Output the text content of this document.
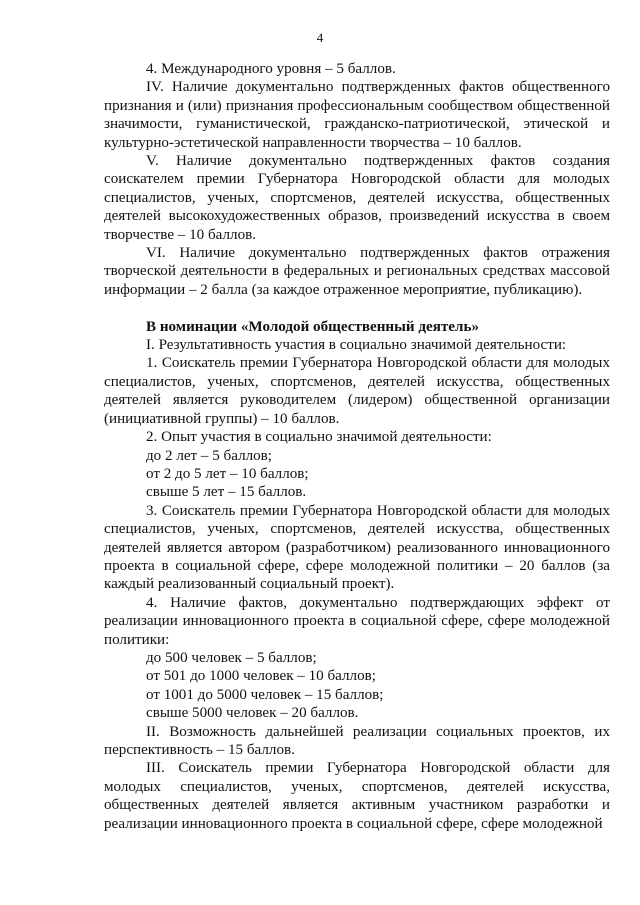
4

4. Международного уровня – 5 баллов.

IV. Наличие документально подтвержденных фактов общественного признания и (или) признания профессиональным сообществом общественной значимости, гуманистической, гражданско-патриотической, этической и культурно-эстетической направленности творчества – 10 баллов.

V. Наличие документально подтвержденных фактов создания соискателем премии Губернатора Новгородской области для молодых специалистов, ученых, спортсменов, деятелей искусства, общественных деятелей высокохудожественных образов, произведений искусства в своем творчестве – 10 баллов.

VI. Наличие документально подтвержденных фактов отражения творческой деятельности в федеральных и региональных средствах массовой информации – 2 балла (за каждое отраженное мероприятие, публикацию).

В номинации «Молодой общественный деятель»

I. Результативность участия в социально значимой деятельности:

1. Соискатель премии Губернатора Новгородской области для молодых специалистов, ученых, спортсменов, деятелей искусства, общественных деятелей является руководителем (лидером) общественной организации (инициативной группы) – 10 баллов.

2. Опыт участия в социально значимой деятельности:

до 2 лет – 5 баллов;

от 2 до 5 лет – 10 баллов;

свыше 5 лет – 15 баллов.

3. Соискатель премии Губернатора Новгородской области для молодых специалистов, ученых, спортсменов, деятелей искусства, общественных деятелей является автором (разработчиком) реализованного инновационного проекта в социальной сфере, сфере молодежной политики – 20 баллов (за каждый реализованный социальный проект).

4. Наличие фактов, документально подтверждающих эффект от реализации инновационного проекта в социальной сфере, сфере молодежной политики:

до 500 человек – 5 баллов;

от 501 до 1000 человек – 10 баллов;

от 1001 до 5000 человек – 15 баллов;

свыше 5000 человек – 20 баллов.

II. Возможность дальнейшей реализации социальных проектов, их перспективность – 15 баллов.

III. Соискатель премии Губернатора Новгородской области для молодых специалистов, ученых, спортсменов, деятелей искусства, общественных деятелей является активным участником разработки и реализации инновационного проекта в социальной сфере, сфере молодежной
